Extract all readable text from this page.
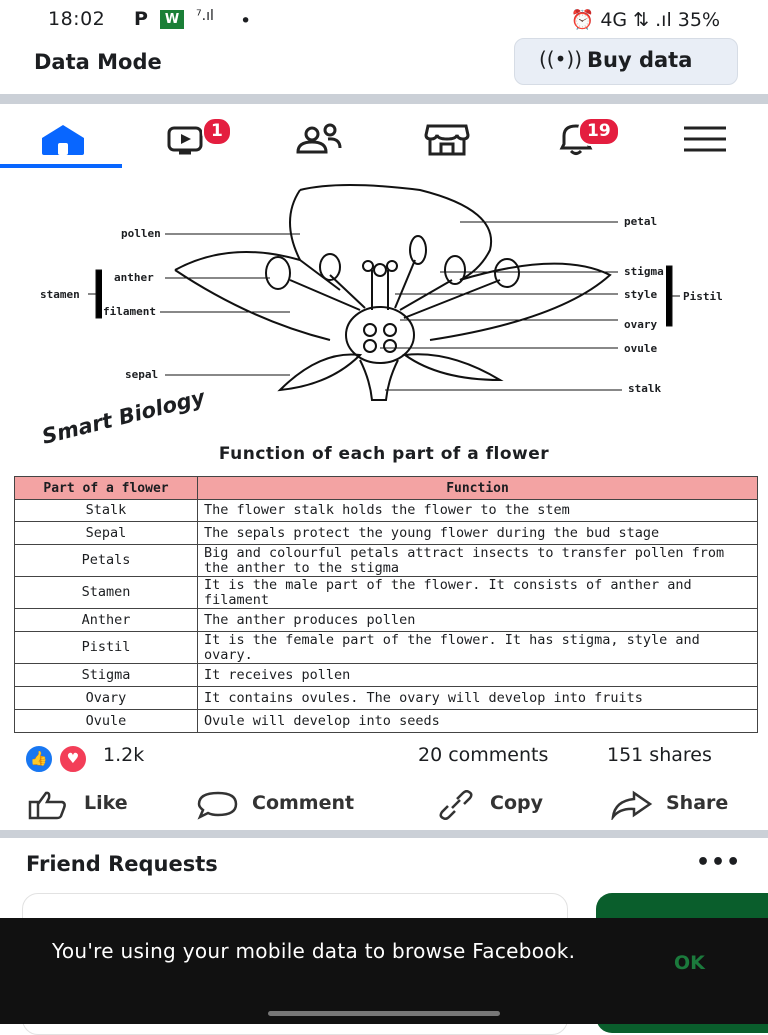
18:02 P	W	⁷.ıl •	⏰ 4G ⇅ .ıl 35%
Data Mode	((•)) Buy data
1	19
pollen
anther
stamen
filament
sepal
petal
stigma
style Pistil
ovary
ovule
stalk
Smart Biology
Function of each part of a flower
Part of a flower	Function
Stalk	The flower stalk holds the flower to the stem
Sepal	The sepals protect the young flower during the bud stage
Petals	Big and colourful petals attract insects to transfer pollen from the anther to the stigma
Stamen	It is the male part of the flower. It consists of anther and filament
Anther	The anther produces pollen
Pistil	It is the female part of the flower. It has stigma, style and ovary.
Stigma	It receives pollen
Ovary	It contains ovules. The ovary will develop into fruits
Ovule	Ovule will develop into seeds
👍	♥	1.2k	20 comments	151 shares
Like	Comment	Copy	Share
Friend Requests	•••
You're using your mobile data to browse Facebook.	OK
